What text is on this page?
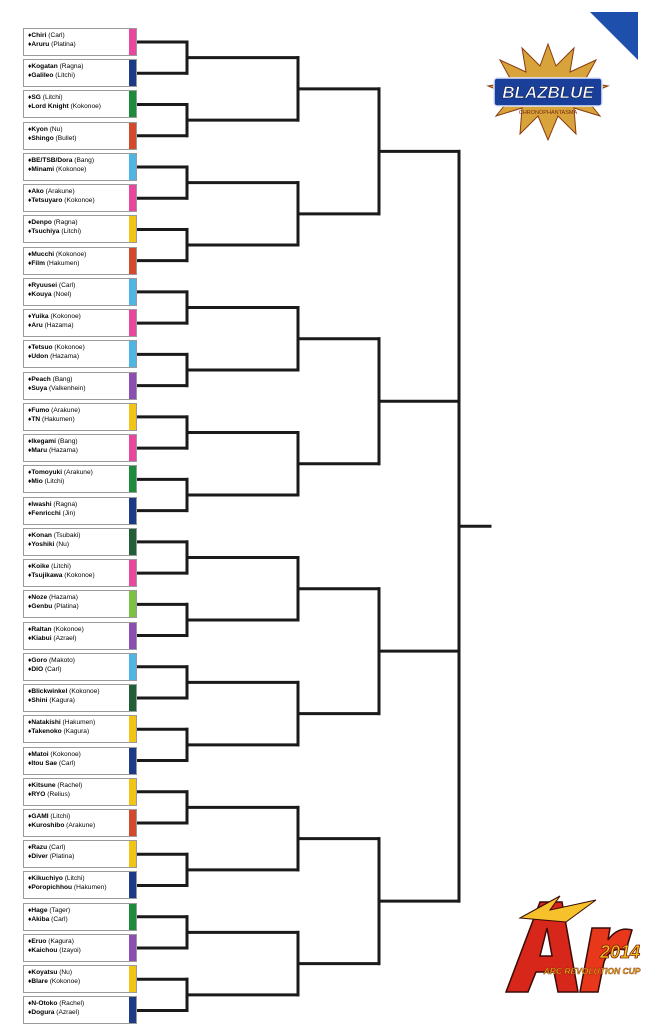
♦Chiri (Carl)
♦Aruru (Platina)
♦Kogatan (Ragna)
♦Galileo (Litchi)
♦SG (Litchi)
♦Lord Knight (Kokonoe)
♦Kyon (Nu)
♦Shingo (Bullet)
♦BE/TSB/Dora (Bang)
♦Minami (Kokonoe)
♦Ako (Arakune)
♦Tetsuyaro (Kokonoe)
♦Denpo (Ragna)
♦Tsuchiya (Litchi)
♦Mucchi (Kokonoe)
♦Film (Hakumen)
♦Ryuusei (Carl)
♦Kouya (Noel)
♦Yuika (Kokonoe)
♦Aru (Hazama)
♦Tetsuo (Kokonoe)
♦Udon (Hazama)
♦Peach (Bang)
♦Suya (Valkenhein)
♦Fumo (Arakune)
♦TN (Hakumen)
♦Ikegami (Bang)
♦Maru (Hazama)
♦Tomoyuki (Arakune)
♦Mio (Litchi)
♦Iwashi (Ragna)
♦Fenricchi (Jin)
♦Konan (Tsubaki)
♦Yoshiki (Nu)
♦Koike (Litchi)
♦Tsujikawa (Kokonoe)
♦Noze (Hazama)
♦Genbu (Platina)
♦Raltan (Kokonoe)
♦Kiabui (Azrael)
♦Goro (Makoto)
♦DIO (Carl)
♦Blickwinkel (Kokonoe)
♦Shini (Kagura)
♦Natakishi (Hakumen)
♦Takenoko (Kagura)
♦Matoi (Kokonoe)
♦Itou Sae (Carl)
♦Kitsune (Rachel)
♦RYO (Relius)
♦GAMI (Litchi)
♦Kuroshibo (Arakune)
♦Razu (Carl)
♦Diver (Platina)
♦Kikuchiyo (Litchi)
♦Poropichhou (Hakumen)
♦Hage (Tager)
♦Akiba (Carl)
♦Eruo (Kagura)
♦Kaichou (Izayoi)
♦Koyatsu (Nu)
♦Blare (Kokonoe)
♦N-Otoko (Rachel)
♦Dogura (Azrael)
BLAZBLUE
CHRONOPHANTASMA
2014
ARC REVOLUTION CUP
